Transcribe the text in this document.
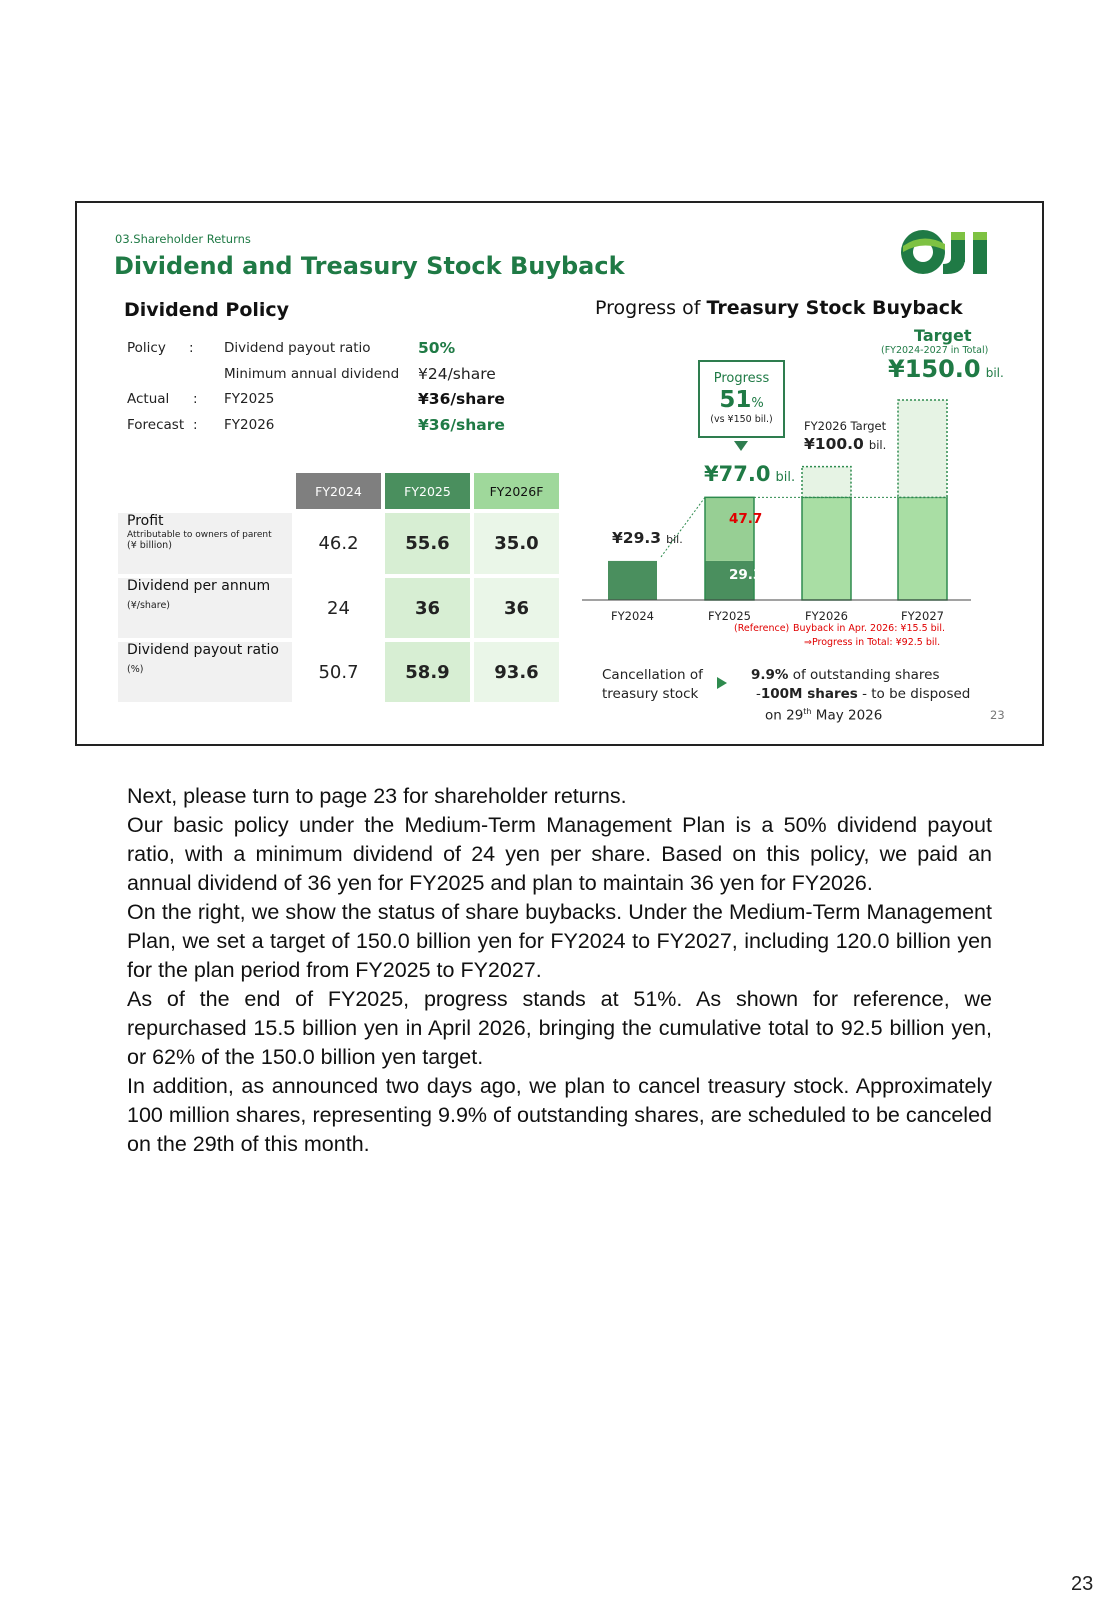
03.Shareholder Returns
Dividend and Treasury Stock Buyback
Dividend Policy
Policy : Dividend payout ratio	50%
Minimum annual dividend ¥24/share
Actual : FY2025	¥36/share
Forecast : FY2026	¥36/share
FY2024	FY2025	FY2026F
Profit
Attributable to owners of parent
(¥ billion)	46.2	55.6	35.0
Dividend per annum
(¥/share)	24	36	36
Dividend payout ratio
(%)	50.7	58.9	93.6
Progress of Treasury Stock Buyback
FY2024	FY2025	FY2026	FY2027
Target
(FY2024-2027 in Total)
¥150.0 bil.
Progress
51%
(vs ¥150 bil.)	FY2026 Target
¥100.0 bil.
¥77.0 bil.
¥29.3 bil.
47.7
29.3
(Reference) Buyback in Apr. 2026: ¥15.5 bil.
⇒Progress in Total: ¥92.5 bil.
Cancellation of
treasury stock
9.9% of outstanding shares
-100M shares - to be disposed
on 29th May 2026	23

Next, please turn to page 23 for shareholder returns.

Our basic policy under the Medium-Term Management Plan is a 50% dividend payout ratio, with a minimum dividend of 24 yen per share. Based on this policy, we paid an annual dividend of 36 yen for FY2025 and plan to maintain 36 yen for FY2026.

On the right, we show the status of share buybacks. Under the Medium-Term Management Plan, we set a target of 150.0 billion yen for FY2024 to FY2027, including 120.0 billion yen for the plan period from FY2025 to FY2027.

As of the end of FY2025, progress stands at 51%. As shown for reference, we repurchased 15.5 billion yen in April 2026, bringing the cumulative total to 92.5 billion yen, or 62% of the 150.0 billion yen target.

In addition, as announced two days ago, we plan to cancel treasury stock. Approximately 100 million shares, representing 9.9% of outstanding shares, are scheduled to be canceled on the 29th of this month.

23
